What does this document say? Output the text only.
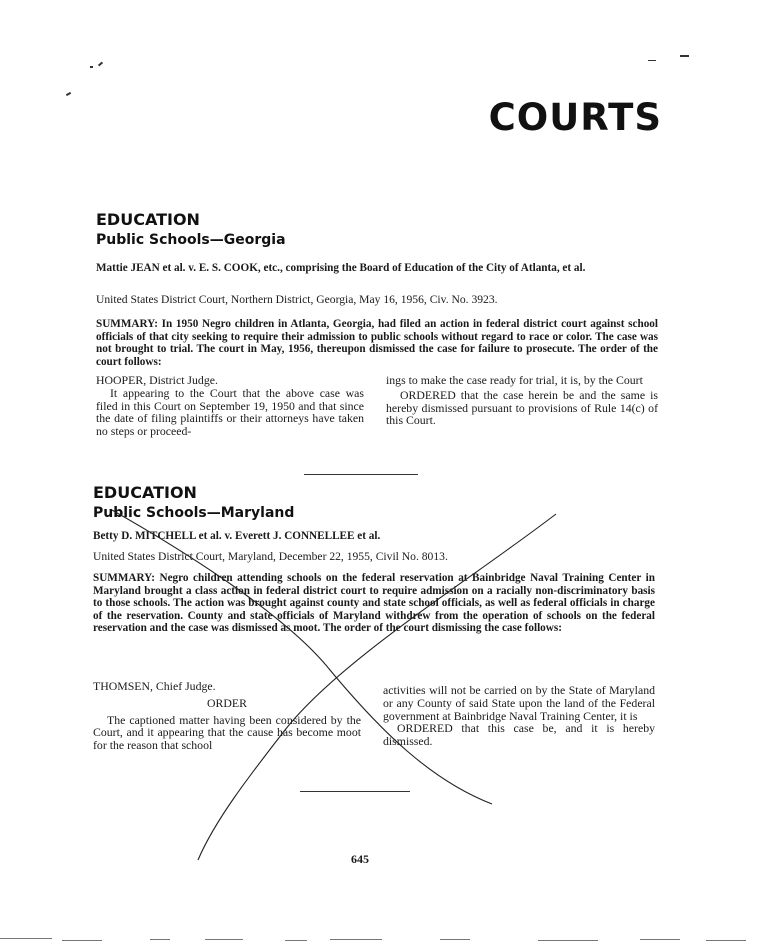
COURTS
EDUCATION
Public Schools—Georgia
Mattie JEAN et al. v. E. S. COOK, etc., comprising the Board of Education of the City of Atlanta, et al.
United States District Court, Northern District, Georgia, May 16, 1956, Civ. No. 3923.
SUMMARY: In 1950 Negro children in Atlanta, Georgia, had filed an action in federal district court against school officials of that city seeking to require their admission to public schools without regard to race or color. The case was not brought to trial. The court in May, 1956, thereupon dismissed the case for failure to prosecute. The order of the court follows:

HOOPER, District Judge.

It appearing to the Court that the above case was filed in this Court on September 19, 1950 and that since the date of filing plaintiffs or their attorneys have taken no steps or proceed-

ings to make the case ready for trial, it is, by the Court

ORDERED that the case herein be and the same is hereby dismissed pursuant to provisions of Rule 14(c) of this Court.

EDUCATION
Public Schools—Maryland
Betty D. MITCHELL et al. v. Everett J. CONNELLEE et al.
United States District Court, Maryland, December 22, 1955, Civil No. 8013.
SUMMARY: Negro children attending schools on the federal reservation at Bainbridge Naval Training Center in Maryland brought a class action in federal district court to require admission on a racially non-discriminatory basis to those schools. The action was brought against county and state school officials, as well as federal officials in charge of the reservation. County and state officials of Maryland withdrew from the operation of schools on the federal reservation and the case was dismissed as moot. The order of the court dismissing the case follows:

THOMSEN, Chief Judge.

ORDER

The captioned matter having been considered by the Court, and it appearing that the cause has become moot for the reason that school

activities will not be carried on by the State of Maryland or any County of said State upon the land of the Federal government at Bainbridge Naval Training Center, it is

ORDERED that this case be, and it is hereby dismissed.

645
